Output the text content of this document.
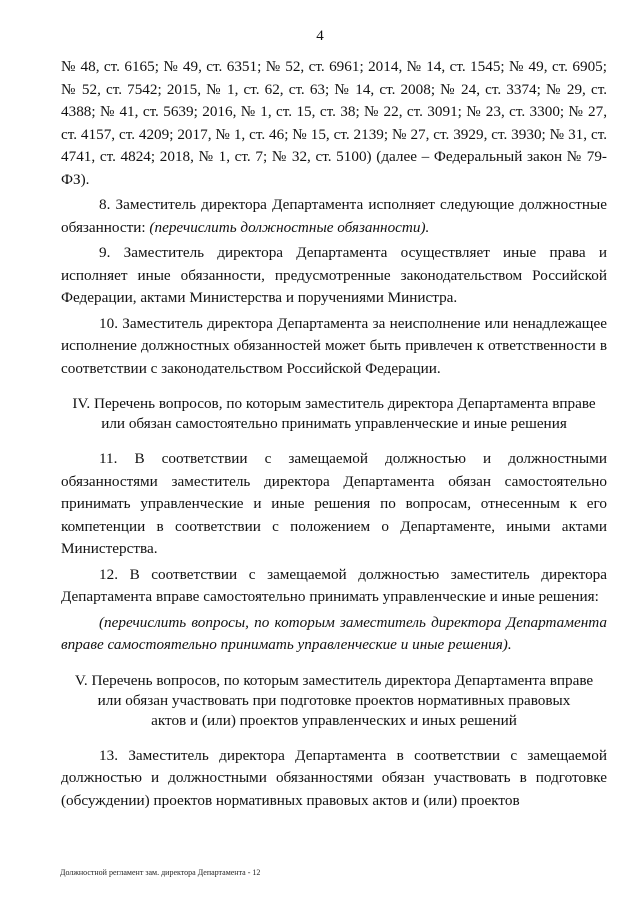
4

№ 48, ст. 6165; № 49, ст. 6351; № 52, ст. 6961; 2014, № 14, ст. 1545; № 49, ст. 6905; № 52, ст. 7542; 2015, № 1, ст. 62, ст. 63; № 14, ст. 2008; № 24, ст. 3374; № 29, ст. 4388; № 41, ст. 5639; 2016, № 1, ст. 15, ст. 38; № 22, ст. 3091; № 23, ст. 3300; № 27, ст. 4157, ст. 4209; 2017, № 1, ст. 46; № 15, ст. 2139; № 27, ст. 3929, ст. 3930; № 31, ст. 4741, ст. 4824; 2018, № 1, ст. 7; № 32, ст. 5100) (далее – Федеральный закон № 79-ФЗ).

8. Заместитель директора Департамента исполняет следующие должностные обязанности: (перечислить должностные обязанности).

9. Заместитель директора Департамента осуществляет иные права и исполняет иные обязанности, предусмотренные законодательством Российской Федерации, актами Министерства и поручениями Министра.

10. Заместитель директора Департамента за неисполнение или ненадлежащее исполнение должностных обязанностей может быть привлечен к ответственности в соответствии с законодательством Российской Федерации.

IV. Перечень вопросов, по которым заместитель директора Департамента вправе
или обязан самостоятельно принимать управленческие и иные решения

11. В соответствии с замещаемой должностью и должностными обязанностями заместитель директора Департамента обязан самостоятельно принимать управленческие и иные решения по вопросам, отнесенным к его компетенции в соответствии с положением о Департаменте, иными актами Министерства.

12. В соответствии с замещаемой должностью заместитель директора Департамента вправе самостоятельно принимать управленческие и иные решения:

(перечислить вопросы, по которым заместитель директора Департамента вправе самостоятельно принимать управленческие и иные решения).

V. Перечень вопросов, по которым заместитель директора Департамента вправе
или обязан участвовать при подготовке проектов нормативных правовых
актов и (или) проектов управленческих и иных решений

13. Заместитель директора Департамента в соответствии с замещаемой должностью и должностными обязанностями обязан участвовать в подготовке (обсуждении) проектов нормативных правовых актов и (или) проектов

Должностной регламент зам. директора Департамента - 12
